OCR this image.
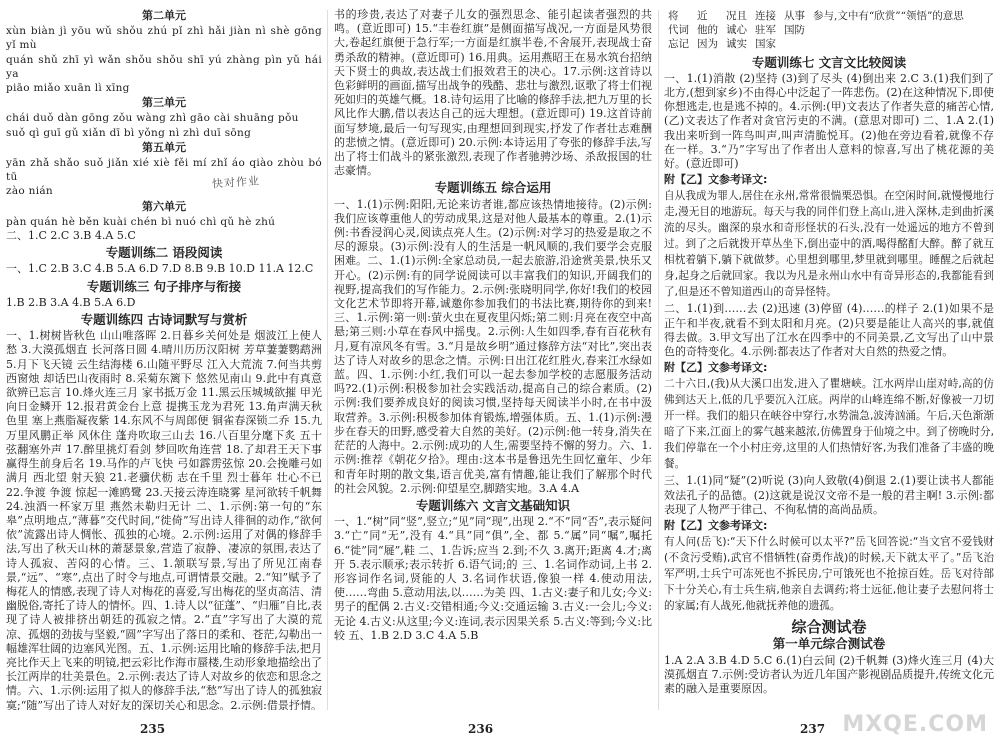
第二单元
xùn biàn jì yōu wǔ shǒu zhú pǐ zhì hǎi jiàn nì shè gōng yǐ mù
quán shǔ zhī yì wǎn shǒu shǒu shī yú zhàng pìn yǔ hái ya
piāo miǎo xuān lì xīng
第三单元
chái duǒ dàn gōng zǒu wàng zhì gāo cài shuāng pǒu
suǒ qì guī gǔ xiǎn dī bì yǒng nì zhì duī sōng
第五单元
yān zhǎ shǎo suǒ jiǎn xié xiè fěi mí zhǐ áo qiào zhòu bó tū
zào nián
第六单元
pàn quán hè běn kuài chén bì nuó chì qǔ hè zhú
二、1.C 2.C 3.B 4.A 5.C
专题训练二 语段阅读
一、1.C 2.B 3.C 4.B 5.A 6.D 7.D 8.B 9.B 10.D 11.A 12.C
专题训练三 句子排序与衔接
1.B 2.B 3.A 4.B 5.A 6.D
专题训练四 古诗词默写与赏析
一、1.树树皆秋色 山山唯落晖 2.日暮乡关何处是 烟波江上使人愁 3.大漠孤烟直 长河落日圆 4.晴川历历汉阳树 芳草萋萋鹦鹉洲 5.月下飞天镜 云生结海楼 6.山随平野尽 江入大荒流 7.何当共剪西窗烛 却话巴山夜雨时 8.采菊东篱下 悠然见南山 9.此中有真意 欲辨已忘言 10.烽火连三月 家书抵万金 11.黑云压城城欲摧 甲光向日金鳞开 12.报君黄金台上意 提携玉龙为君死 13.角声满天秋色里 塞上燕脂凝夜紫 14.东风不与周郎便 铜雀春深锁二乔 15.九万里风鹏正举 风休住 蓬舟吹取三山去 16.八百里分麾下炙 五十弦翻塞外声 17.醉里挑灯看剑 梦回吹角连营 18.了却君王天下事 赢得生前身后名 19.马作的卢飞快 弓如霹雳弦惊 20.会挽雕弓如满月 西北望 射天狼 21.老骥伏枥 志在千里 烈士暮年 壮心不已 22.争渡 争渡 惊起一滩鸥鹭 23.天接云涛连晓雾 星河欲转千帆舞 24.浊酒一杯家万里 燕然未勒归无计 二、1.示例:第一句的“东皋”点明地点,“薄暮”交代时间,“徙倚”写出诗人徘徊的动作,“欲何依”流露出诗人惆怅、孤独的心境。2.示例:运用了对偶的修辞手法,写出了秋天山林的萧瑟景象,营造了寂静、凄凉的氛围,表达了诗人孤寂、苦闷的心情。三、1.颔联写景,写出了所见江南春景,“远”、“寒”,点出了时令与地点,可谓情景交融。2.“知”赋予了梅花人的情感,表现了诗人对梅花的喜爱,写出梅花的坚贞高洁、清幽脱俗,寄托了诗人的情怀。四、1.诗人以“征蓬”、“归雁”自比,表现了诗人被排挤出朝廷的孤寂之情。2.“直”字写出了大漠的荒凉、孤烟的劲拔与坚毅,“圆”字写出了落日的柔和、苍茫,勾勒出一幅雄浑壮阔的边塞风光图。五、1.示例:运用比喻的修辞手法,把月亮比作天上飞来的明镜,把云彩比作海市蜃楼,生动形象地描绘出了长江两岸的壮美景色。2.示例:表达了诗人对故乡的依恋和思念之情。六、1.示例:运用了拟人的修辞手法,“愁”写出了诗人的孤独寂寞;“随”写出了诗人对好友的深切关心和思念。2.示例:借景抒情。
快对作业
书的珍贵,表达了对妻子儿女的强烈思念、能引起读者强烈的共鸣。(意近即可) 15.“丰卷红旗”是侧面描写战况,一方面是风势很大,卷起红旗便于急行军;一方面是红旗半卷,不舍展开,表现战士奋勇杀敌的精神。(意近即可) 16.用典。运用燕昭王在易水筑台招纳天下贤士的典故,表达战士们报效君王的决心。17.示例:这首诗以色彩鲜明的画面,描写出战争的残酷、悲壮与激烈,讴歌了将士们视死如归的英雄气概。18.诗句运用了比喻的修辞手法,把九万里的长风比作大鹏,借以表达自己的远大理想。(意近即可) 19.这首诗前面写梦境,最后一句写现实,由理想回到现实,抒发了作者壮志难酬的悲愤之情。(意近即可) 20.示例:本诗运用了夸张的修辞手法,写出了将士们战斗的紧张激烈,表现了作者驰骋沙场、杀敌报国的壮志豪情。
专题训练五 综合运用
一、1.(1)示例:阳阳,无论来访者谁,都应该热情地接待。(2)示例:我们应该尊重他人的劳动成果,这是对他人最基本的尊重。2.(1)示例:书香浸润心灵,阅读点亮人生。(2)示例:对学习的热爱是取之不尽的源泉。(3)示例:没有人的生活是一帆风顺的,我们要学会克服困难。二、1.(1)示例:全家总动员,一起去旅游,沿途赏美景,快乐又开心。(2)示例:有的同学说阅读可以丰富我们的知识,开阔我们的视野,提高我们的写作能力。2.示例:张晓明同学,你好!我们的校园文化艺术节即将开幕,诚邀你参加我们的书法比赛,期待你的到来!三、1.示例:第一则:萤火虫在夏夜里闪烁;第二则:月亮在夜空中高悬;第三则:小草在春风中摇曳。2.示例:人生如四季,春有百花秋有月,夏有凉风冬有雪。3.“月是故乡明”通过修辞方法“对比”,突出表达了诗人对故乡的思念之情。示例:日出江花红胜火,春来江水绿如蓝。四、1.示例:小红,我们可以一起去参加学校的志愿服务活动吗?2.(1)示例:积极参加社会实践活动,提高自己的综合素质。(2)示例:我们要养成良好的阅读习惯,坚持每天阅读半小时,在书中汲取营养。3.示例:积极参加体育锻炼,增强体质。五、1.(1)示例:漫步在春天的田野,感受着大自然的美好。(2)示例:他一转身,消失在茫茫的人海中。2.示例:成功的人生,需要坚持不懈的努力。六、1.示例:推荐《朝花夕拾》。理由:这本书是鲁迅先生回忆童年、少年和青年时期的散文集,语言优美,富有情趣,能让我们了解那个时代的社会风貌。2.示例:仰望星空,脚踏实地。3.A 4.A
专题训练六 文言文基础知识
一、1.“树”同“竖”,竖立;“见”同“现”,出现 2.“不”同“否”,表示疑问 3.“亡”同“无”,没有 4.“具”同“俱”,全、都 5.“属”同“嘱”,嘱托 6.“徙”同“屣”,鞋 二、1.告诉;应当 2.到;不久 3.离开;距离 4.才;离开 5.表示顺承;表示转折 6.语气词;的 三、1.名词作动词,上书 2.形容词作名词,贤能的人 3.名词作状语,像狼一样 4.使动用法,使……弯曲 5.意动用法,以……为美 四、1.古义:妻子和儿女;今义:男子的配偶 2.古义:交错相通;今义:交通运输 3.古义:一会儿;今义:无论 4.古义:从这里;今义:连词,表示因果关系 5.古义:等到;今义:比较 五、1.B 2.D 3.C 4.A 5.B
将	近	况且	连接	从事	参与,文中有“欣赏”“领悟”的意思
代词	他的	诚心	驻军	国防	
忘记	因为	诚实	国家		
专题训练七 文言文比较阅读
一、1.(1)消散 (2)坚持 (3)到了尽头 (4)倒出来 2.C 3.(1)我们到了北方,(想到家乡)不由得心中泛起了一阵悲伤。(2)在这种情况下,即使你想逃走,也是逃不掉的。4.示例:(甲)文表达了作者失意的痛苦心情,(乙)文表达了作者对贪官污吏的不满。(意思对即可) 二、1.A 2.(1)我出来听到一阵鸟叫声,叫声清脆悦耳。(2)他在旁边看着,就像不存在一样。3.“乃”字写出了作者出人意料的惊喜,写出了桃花源的美好。(意近即可)
附【乙】文参考译文:
自从我成为罪人,居住在永州,常常很惴栗恐惧。在空闲时间,就慢慢地行走,漫无目的地游玩。每天与我的同伴们登上高山,进入深林,走到曲折溪流的尽头。幽深的泉水和奇形怪状的石头,没有一处遥远的地方不曾到过。到了之后就拨开草丛坐下,倒出壶中的酒,喝得酩酊大醉。醉了就互相枕着躺下,躺下就做梦。心里想到哪里,梦里就到哪里。睡醒之后就起身,起身之后就回家。我以为凡是永州山水中有奇异形态的,我都能看到了,但是还不曾知道西山的奇异怪特。
二、1.(1)到……去 (2)迅速 (3)停留 (4)……的样子 2.(1)如果不是正午和半夜,就看不到太阳和月亮。(2)只要是能让人高兴的事,就值得去做。3.甲文写出了江水在四季中的不同美景,乙文写出了山中景色的奇特变化。4.示例:都表达了作者对大自然的热爱之情。
附【乙】文参考译文:
二十六日,(我)从大溪口出发,进入了瞿塘峡。江水两岸山崖对峙,高的仿佛到达天上,低的几乎要沉入江底。两岸的山峰连绵不断,好像被一刀切开一样。我们的船只在峡谷中穿行,水势湍急,波涛汹涌。午后,天色渐渐暗了下来,江面上的雾气越来越浓,仿佛置身于仙境之中。到了傍晚时分,我们停靠在一个小村庄旁,这里的人们热情好客,为我们准备了丰盛的晚餐。
三、1.(1)同“疑”(2)听说 (3)向人致敬(4)倒退 2.(1)要让读书人都能效法孔子的品德。(2)这就是说汉文帝不是一般的君主啊! 3.示例:都表现了人物严于律己、不徇私情的高尚品质。
附【乙】文参考译文:
有人问(岳飞):“天下什么时候可以太平?”岳飞回答说:“当文官不爱钱财(不贪污受贿),武官不惜牺牲(奋勇作战)的时候,天下就太平了。”岳飞治军严明,士兵宁可冻死也不拆民房,宁可饿死也不抢掠百姓。岳飞对待部下十分关心,有士兵生病,他亲自去调药;将士远征,他让妻子去慰问将士的家属;有人战死,他就抚养他的遗孤。
综合测试卷
第一单元综合测试卷
1.A 2.A 3.B 4.D 5.C 6.(1)白云间 (2)千帆舞 (3)烽火连三月 (4)大漠孤烟直 7.示例:受访者认为近几年国产影视剧品质提升,传统文化元素的融入是重要原因。
235	236	237 MXQE.COM
